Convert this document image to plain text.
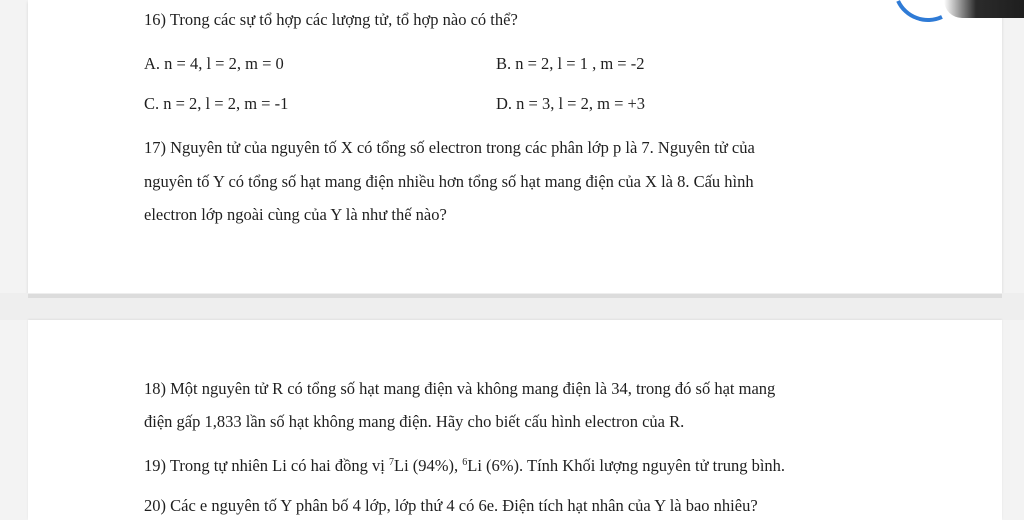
16) Trong các sự tổ hợp các lượng tử, tổ hợp nào có thể?
A. n = 4, l = 2, m = 0	B. n = 2, l = 1 , m = -2
C. n = 2, l = 2, m = -1	D. n = 3, l = 2, m = +3
17) Nguyên tử của nguyên tố X có tổng số electron trong các phân lớp p là 7. Nguyên tử của
nguyên tố Y có tổng số hạt mang điện nhiều hơn tổng số hạt mang điện của X là 8. Cấu hình
electron lớp ngoài cùng của Y là như thế nào?
18) Một nguyên tử R có tổng số hạt mang điện và không mang điện là 34, trong đó số hạt mang
điện gấp 1,833 lần số hạt không mang điện. Hãy cho biết cấu hình electron của R.
19) Trong tự nhiên Li có hai đồng vị $^7$Li (94%), $^6$Li (6%). Tính Khối lượng nguyên tử trung bình.
20) Các e nguyên tố Y phân bố 4 lớp, lớp thứ 4 có 6e. Điện tích hạt nhân của Y là bao nhiêu?
